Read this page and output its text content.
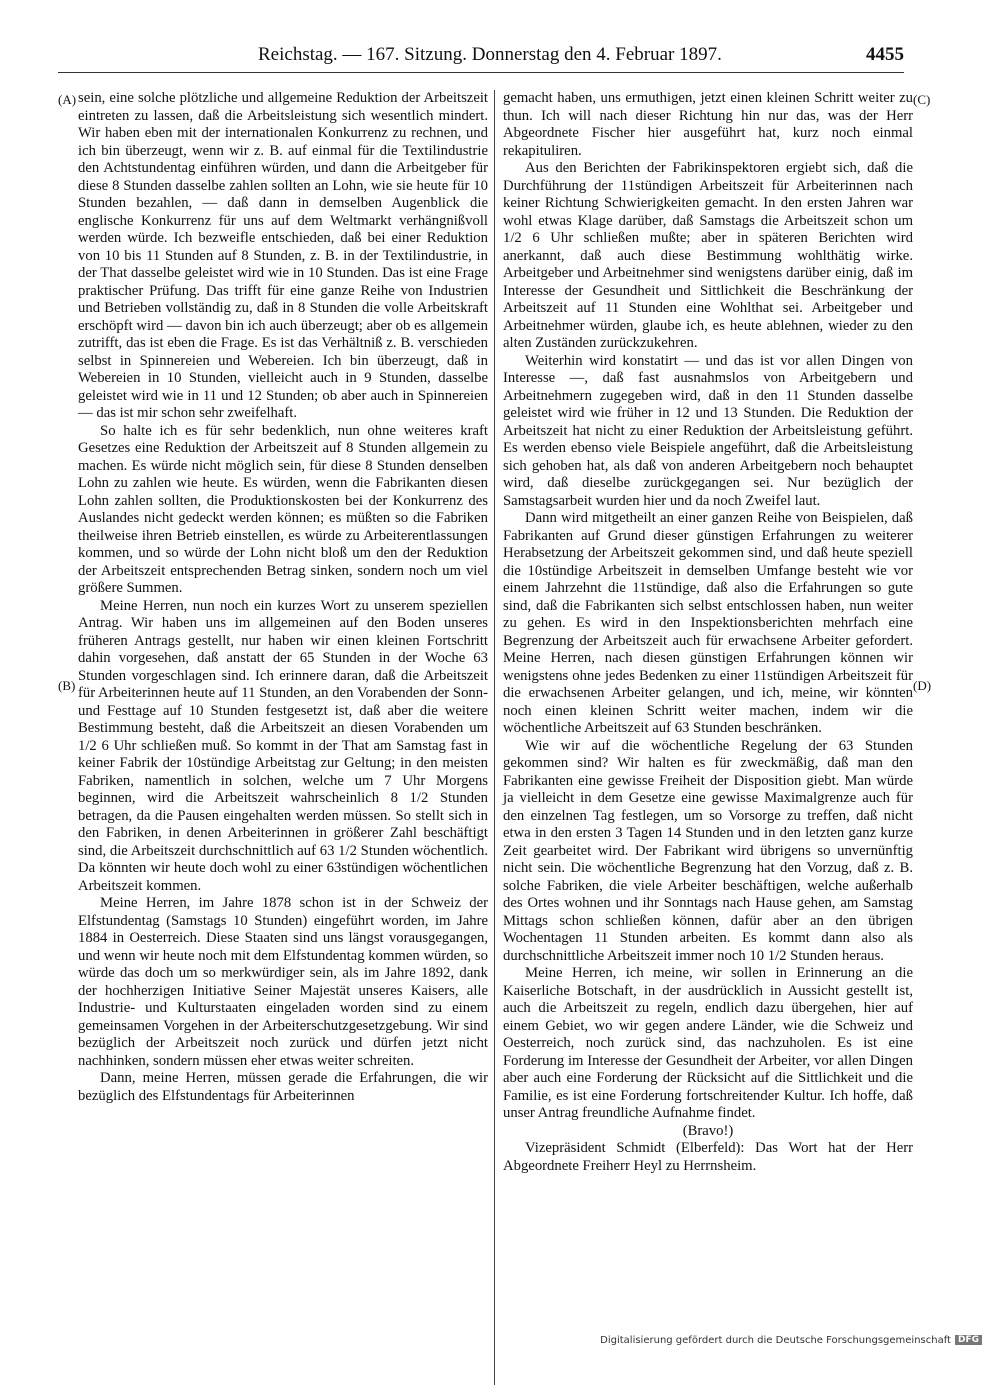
Reichstag. — 167. Sitzung. Donnerstag den 4. Februar 1897.	4455
(A)
(B)
(C)
(D)

sein, eine solche plötzliche und allgemeine Reduktion der Arbeitszeit eintreten zu lassen, daß die Arbeitsleistung sich wesentlich mindert. Wir haben eben mit der internationalen Konkurrenz zu rechnen, und ich bin überzeugt, wenn wir z. B. auf einmal für die Textilindustrie den Achtstundentag einführen würden, und dann die Arbeitgeber für diese 8 Stunden dasselbe zahlen sollten an Lohn, wie sie heute für 10 Stunden bezahlen, — daß dann in demselben Augenblick die englische Konkurrenz für uns auf dem Weltmarkt verhängnißvoll werden würde. Ich bezweifle entschieden, daß bei einer Reduktion von 10 bis 11 Stunden auf 8 Stunden, z. B. in der Textilindustrie, in der That dasselbe geleistet wird wie in 10 Stunden. Das ist eine Frage praktischer Prüfung. Das trifft für eine ganze Reihe von Industrien und Betrieben vollständig zu, daß in 8 Stunden die volle Arbeitskraft erschöpft wird — davon bin ich auch überzeugt; aber ob es allgemein zutrifft, das ist eben die Frage. Es ist das Verhältniß z. B. verschieden selbst in Spinnereien und Webereien. Ich bin überzeugt, daß in Webereien in 10 Stunden, vielleicht auch in 9 Stunden, dasselbe geleistet wird wie in 11 und 12 Stunden; ob aber auch in Spinnereien — das ist mir schon sehr zweifelhaft.

So halte ich es für sehr bedenklich, nun ohne weiteres kraft Gesetzes eine Reduktion der Arbeitszeit auf 8 Stunden allgemein zu machen. Es würde nicht möglich sein, für diese 8 Stunden denselben Lohn zu zahlen wie heute. Es würden, wenn die Fabrikanten diesen Lohn zahlen sollten, die Produktionskosten bei der Konkurrenz des Auslandes nicht gedeckt werden können; es müßten so die Fabriken theilweise ihren Betrieb einstellen, es würde zu Arbeiterentlassungen kommen, und so würde der Lohn nicht bloß um den der Reduktion der Arbeitszeit entsprechenden Betrag sinken, sondern noch um viel größere Summen.

Meine Herren, nun noch ein kurzes Wort zu unserem speziellen Antrag. Wir haben uns im allgemeinen auf den Boden unseres früheren Antrags gestellt, nur haben wir einen kleinen Fortschritt dahin vorgesehen, daß anstatt der 65 Stunden in der Woche 63 Stunden vorgeschlagen sind. Ich erinnere daran, daß die Arbeitszeit für Arbeiterinnen heute auf 11 Stunden, an den Vorabenden der Sonn- und Festtage auf 10 Stunden festgesetzt ist, daß aber die weitere Bestimmung besteht, daß die Arbeitszeit an diesen Vorabenden um 1/2 6 Uhr schließen muß. So kommt in der That am Samstag fast in keiner Fabrik der 10stündige Arbeitstag zur Geltung; in den meisten Fabriken, namentlich in solchen, welche um 7 Uhr Morgens beginnen, wird die Arbeitszeit wahrscheinlich 8 1/2 Stunden betragen, da die Pausen eingehalten werden müssen. So stellt sich in den Fabriken, in denen Arbeiterinnen in größerer Zahl beschäftigt sind, die Arbeitszeit durchschnittlich auf 63 1/2 Stunden wöchentlich. Da könnten wir heute doch wohl zu einer 63stündigen wöchentlichen Arbeitszeit kommen.

Meine Herren, im Jahre 1878 schon ist in der Schweiz der Elfstundentag (Samstags 10 Stunden) eingeführt worden, im Jahre 1884 in Oesterreich. Diese Staaten sind uns längst vorausgegangen, und wenn wir heute noch mit dem Elfstundentag kommen würden, so würde das doch um so merkwürdiger sein, als im Jahre 1892, dank der hochherzigen Initiative Seiner Majestät unseres Kaisers, alle Industrie- und Kulturstaaten eingeladen worden sind zu einem gemeinsamen Vorgehen in der Arbeiterschutzgesetzgebung. Wir sind bezüglich der Arbeitszeit noch zurück und dürfen jetzt nicht nachhinken, sondern müssen eher etwas weiter schreiten.

Dann, meine Herren, müssen gerade die Erfahrungen, die wir bezüglich des Elfstundentags für Arbeiterinnen

gemacht haben, uns ermuthigen, jetzt einen kleinen Schritt weiter zu thun. Ich will nach dieser Richtung hin nur das, was der Herr Abgeordnete Fischer hier ausgeführt hat, kurz noch einmal rekapituliren.

Aus den Berichten der Fabrikinspektoren ergiebt sich, daß die Durchführung der 11stündigen Arbeitszeit für Arbeiterinnen nach keiner Richtung Schwierigkeiten gemacht. In den ersten Jahren war wohl etwas Klage darüber, daß Samstags die Arbeitszeit schon um 1/2 6 Uhr schließen mußte; aber in späteren Berichten wird anerkannt, daß auch diese Bestimmung wohlthätig wirke. Arbeitgeber und Arbeitnehmer sind wenigstens darüber einig, daß im Interesse der Gesundheit und Sittlichkeit die Beschränkung der Arbeitszeit auf 11 Stunden eine Wohlthat sei. Arbeitgeber und Arbeitnehmer würden, glaube ich, es heute ablehnen, wieder zu den alten Zuständen zurückzukehren.

Weiterhin wird konstatirt — und das ist vor allen Dingen von Interesse —, daß fast ausnahmslos von Arbeitgebern und Arbeitnehmern zugegeben wird, daß in den 11 Stunden dasselbe geleistet wird wie früher in 12 und 13 Stunden. Die Reduktion der Arbeitszeit hat nicht zu einer Reduktion der Arbeitsleistung geführt. Es werden ebenso viele Beispiele angeführt, daß die Arbeitsleistung sich gehoben hat, als daß von anderen Arbeitgebern noch behauptet wird, daß dieselbe zurückgegangen sei. Nur bezüglich der Samstagsarbeit wurden hier und da noch Zweifel laut.

Dann wird mitgetheilt an einer ganzen Reihe von Beispielen, daß Fabrikanten auf Grund dieser günstigen Erfahrungen zu weiterer Herabsetzung der Arbeitszeit gekommen sind, und daß heute speziell die 10stündige Arbeitszeit in demselben Umfange besteht wie vor einem Jahrzehnt die 11stündige, daß also die Erfahrungen so gute sind, daß die Fabrikanten sich selbst entschlossen haben, nun weiter zu gehen. Es wird in den Inspektionsberichten mehrfach eine Begrenzung der Arbeitszeit auch für erwachsene Arbeiter gefordert. Meine Herren, nach diesen günstigen Erfahrungen können wir wenigstens ohne jedes Bedenken zu einer 11stündigen Arbeitszeit für die erwachsenen Arbeiter gelangen, und ich, meine, wir könnten noch einen kleinen Schritt weiter machen, indem wir die wöchentliche Arbeitszeit auf 63 Stunden beschränken.

Wie wir auf die wöchentliche Regelung der 63 Stunden gekommen sind? Wir halten es für zweckmäßig, daß man den Fabrikanten eine gewisse Freiheit der Disposition giebt. Man würde ja vielleicht in dem Gesetze eine gewisse Maximalgrenze auch für den einzelnen Tag festlegen, um so Vorsorge zu treffen, daß nicht etwa in den ersten 3 Tagen 14 Stunden und in den letzten ganz kurze Zeit gearbeitet wird. Der Fabrikant wird übrigens so unvernünftig nicht sein. Die wöchentliche Begrenzung hat den Vorzug, daß z. B. solche Fabriken, die viele Arbeiter beschäftigen, welche außerhalb des Ortes wohnen und ihr Sonntags nach Hause gehen, am Samstag Mittags schon schließen können, dafür aber an den übrigen Wochentagen 11 Stunden arbeiten. Es kommt dann also als durchschnittliche Arbeitszeit immer noch 10 1/2 Stunden heraus.

Meine Herren, ich meine, wir sollen in Erinnerung an die Kaiserliche Botschaft, in der ausdrücklich in Aussicht gestellt ist, auch die Arbeitszeit zu regeln, endlich dazu übergehen, hier auf einem Gebiet, wo wir gegen andere Länder, wie die Schweiz und Oesterreich, noch zurück sind, das nachzuholen. Es ist eine Forderung im Interesse der Gesundheit der Arbeiter, vor allen Dingen aber auch eine Forderung der Rücksicht auf die Sittlichkeit und die Familie, es ist eine Forderung fortschreitender Kultur. Ich hoffe, daß unser Antrag freundliche Aufnahme findet.

(Bravo!)

Vizepräsident Schmidt (Elberfeld): Das Wort hat der Herr Abgeordnete Freiherr Heyl zu Herrnsheim.

Digitalisierung gefördert durch die Deutsche Forschungsgemeinschaft DFG
